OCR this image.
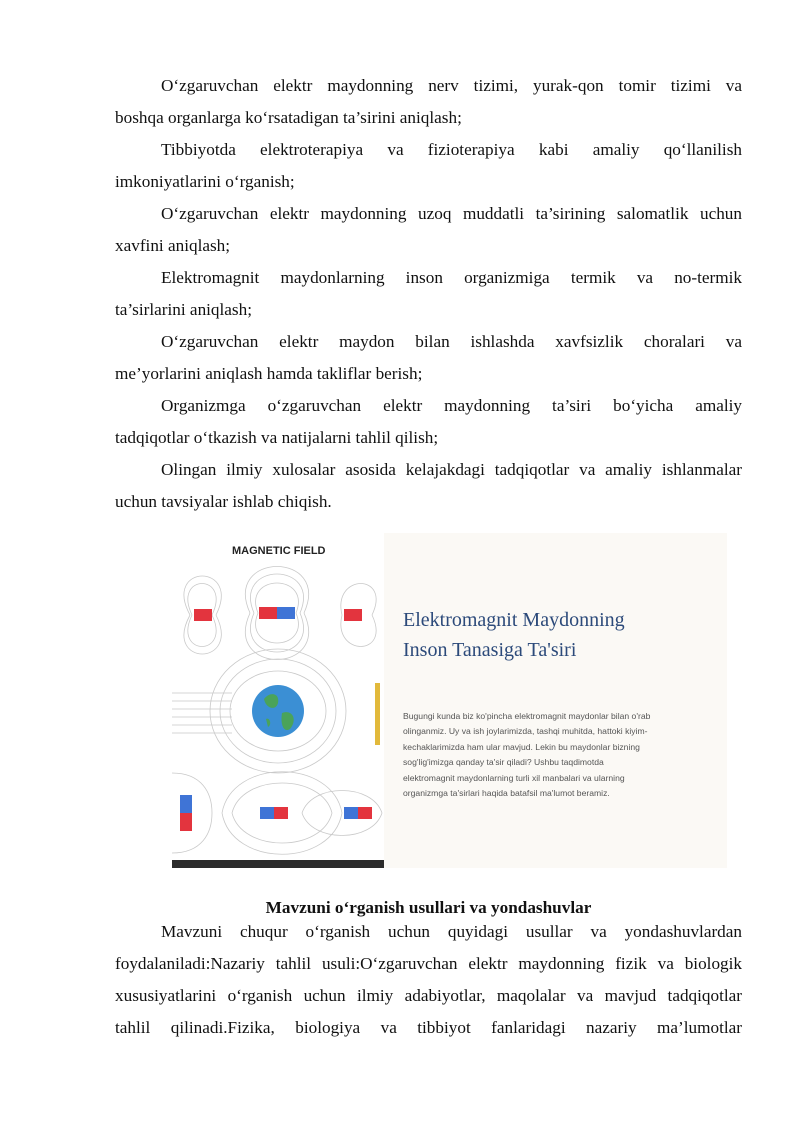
O‘zgaruvchan elektr maydonning nerv tizimi, yurak-qon tomir tizimi va
boshqa organlarga ko‘rsatadigan ta’sirini aniqlash;

Tibbiyotda elektroterapiya va fizioterapiya kabi amaliy qo‘llanilish
imkoniyatlarini o‘rganish;

O‘zgaruvchan elektr maydonning uzoq muddatli ta’sirining salomatlik uchun
xavfini aniqlash;

Elektromagnit maydonlarning inson organizmiga termik va no-termik
ta’sirlarini aniqlash;

O‘zgaruvchan elektr maydon bilan ishlashda xavfsizlik choralari va
me’yorlarini aniqlash hamda takliflar berish;

Organizmga o‘zgaruvchan elektr maydonning ta’siri bo‘yicha amaliy
tadqiqotlar o‘tkazish va natijalarni tahlil qilish;

Olingan ilmiy xulosalar asosida kelajakdagi tadqiqotlar va amaliy ishlanmalar
uchun tavsiyalar ishlab chiqish.

MAGNETIC FIELD
Elektromagnit Maydonning
Inson Tanasiga Ta'siri
Bugungi kunda biz ko'pincha elektromagnit maydonlar bilan o'rab
olinganmiz. Uy va ish joylarimizda, tashqi muhitda, hattoki kiyim-
kechaklarimizda ham ular mavjud. Lekin bu maydonlar bizning
sog'lig'imizga qanday ta'sir qiladi? Ushbu taqdimotda
elektromagnit maydonlarning turli xil manbalari va ularning
organizmga ta'sirlari haqida batafsil ma'lumot beramiz.
Mavzuni o‘rganish usullari va yondashuvlar

Mavzuni chuqur o‘rganish uchun quyidagi usullar va yondashuvlardan
foydalaniladi:Nazariy tahlil usuli:O‘zgaruvchan elektr maydonning fizik va biologik
xususiyatlarini o‘rganish uchun ilmiy adabiyotlar, maqolalar va mavjud tadqiqotlar
tahlil qilinadi.Fizika, biologiya va tibbiyot fanlaridagi nazariy ma’lumotlar
